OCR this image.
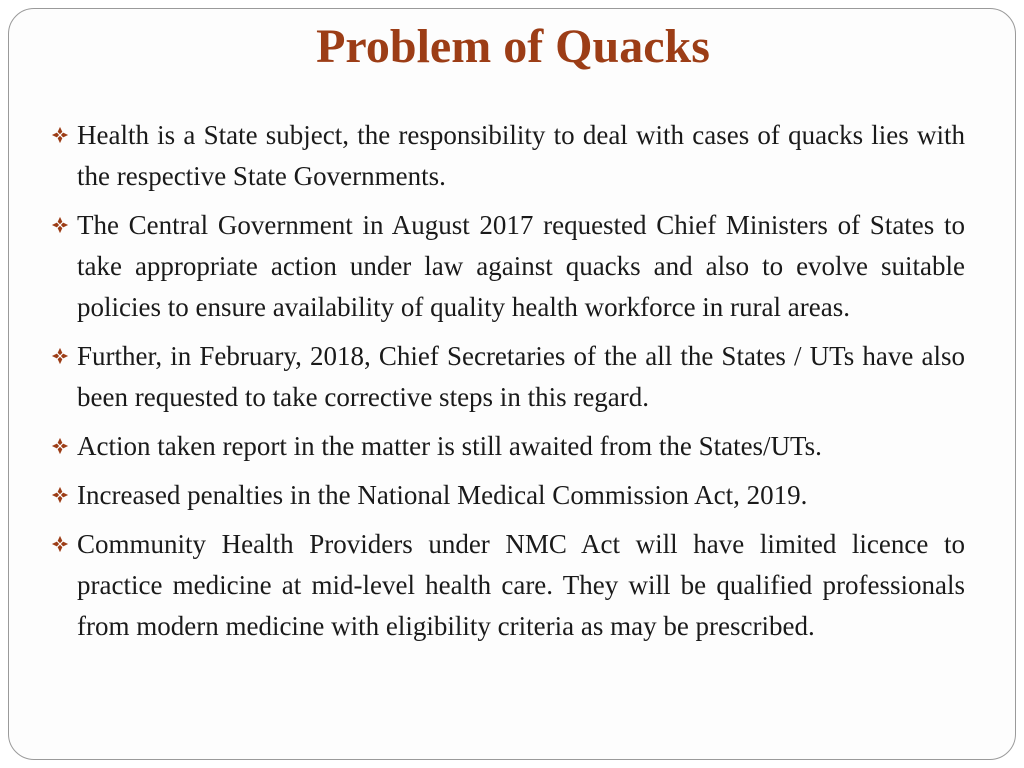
Problem of Quacks
Health is a State subject, the responsibility to deal with cases of quacks lies with the respective State Governments.
The Central Government in August 2017 requested Chief Ministers of States to take appropriate action under law against quacks and also to evolve suitable policies to ensure availability of quality health workforce in rural areas.
Further, in February, 2018, Chief Secretaries of the all the States / UTs have also been requested to take corrective steps in this regard.
Action taken report in the matter is still awaited from the States/UTs.
Increased penalties in the National Medical Commission Act, 2019.
Community Health Providers under NMC Act will have limited licence to practice medicine at mid-level health care. They will be qualified professionals from modern medicine with eligibility criteria as may be prescribed.
